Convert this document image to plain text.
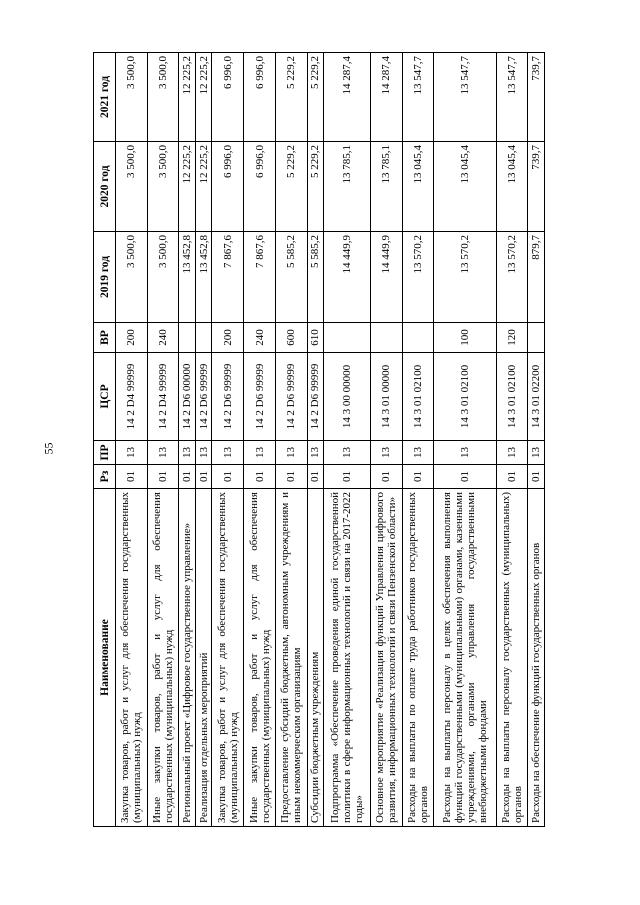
55
Наименование	Рз	ПР	ЦСР	ВР	2019 год	2020 год	2021 год
Закупка товаров, работ и услуг для обеспечения государственных (муниципальных) нужд	01	13	14 2 D4 99999	200	3 500,0	3 500,0	3 500,0
Иные закупки товаров, работ и услуг для обеспечения государственных (муниципальных) нужд	01	13	14 2 D4 99999	240	3 500,0	3 500,0	3 500,0
Региональный проект «Цифровое государственное управление»	01	13	14 2 D6 00000		13 452,8	12 225,2	12 225,2
Реализация отдельных мероприятий	01	13	14 2 D6 99999		13 452,8	12 225,2	12 225,2
Закупка товаров, работ и услуг для обеспечения государственных (муниципальных) нужд	01	13	14 2 D6 99999	200	7 867,6	6 996,0	6 996,0
Иные закупки товаров, работ и услуг для обеспечения государственных (муниципальных) нужд	01	13	14 2 D6 99999	240	7 867,6	6 996,0	6 996,0
Предоставление субсидий бюджетным, автономным учреждениям и иным некоммерческим организациям	01	13	14 2 D6 99999	600	5 585,2	5 229,2	5 229,2
Субсидии бюджетным учреждениям	01	13	14 2 D6 99999	610	5 585,2	5 229,2	5 229,2
Подпрограмма «Обеспечение проведения единой государственной политики в сфере информационных технологий и связи на 2017-2022 годы»	01	13	14 3 00 00000		14 449,9	13 785,1	14 287,4
Основное мероприятие «Реализация функций Управления цифрового развития, информационных технологий и связи Пензенской области»	01	13	14 3 01 00000		14 449,9	13 785,1	14 287,4
Расходы на выплаты по оплате труда работников государственных органов	01	13	14 3 01 02100		13 570,2	13 045,4	13 547,7
Расходы на выплаты персоналу в целях обеспечения выполнения функций государственными (муниципальными) органами, казенными учреждениями, органами управления государственными внебюджетными фондами	01	13	14 3 01 02100	100	13 570,2	13 045,4	13 547,7
Расходы на выплаты персоналу государственных (муниципальных) органов	01	13	14 3 01 02100	120	13 570,2	13 045,4	13 547,7
Расходы на обеспечение функций государственных органов	01	13	14 3 01 02200		879,7	739,7	739,7
